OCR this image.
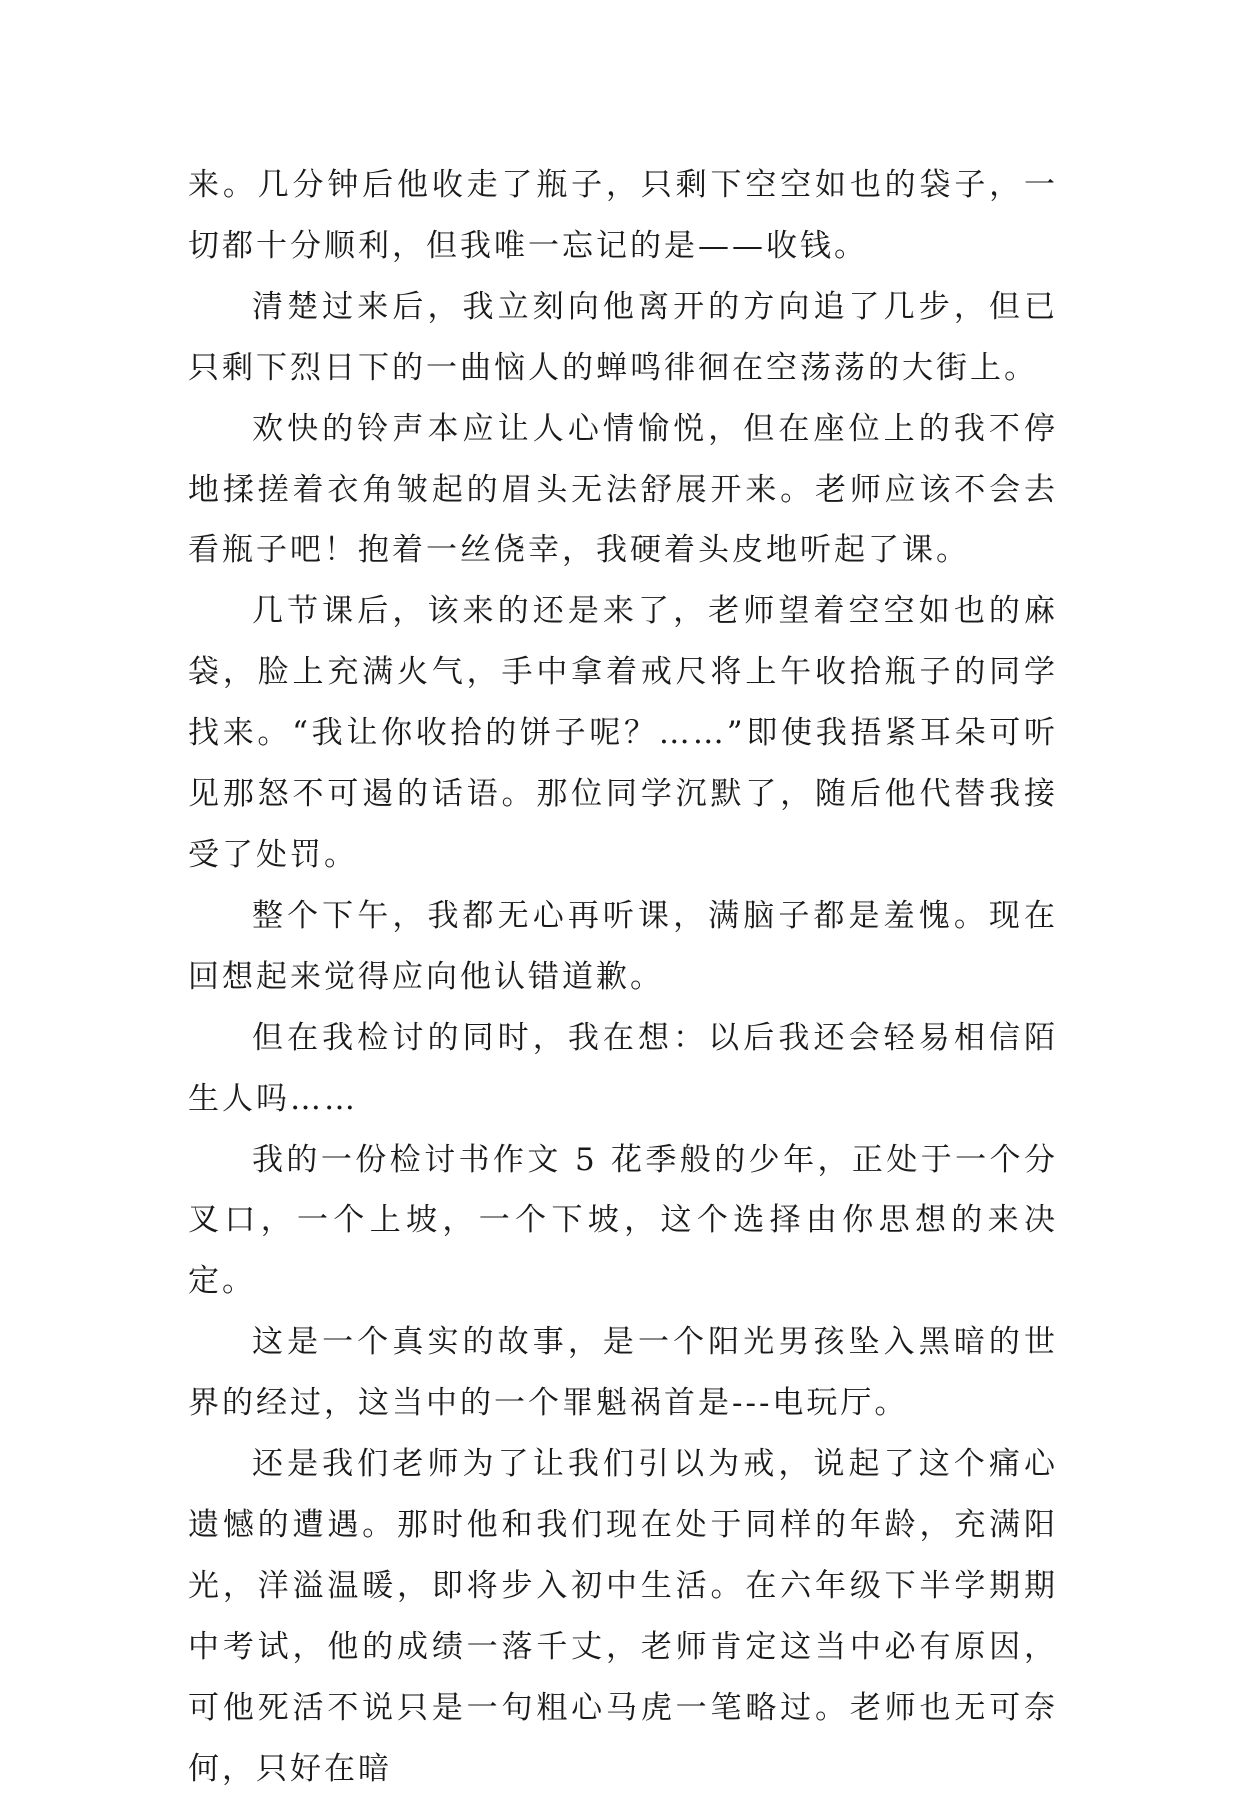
来。几分钟后他收走了瓶子，只剩下空空如也的袋子，一切都十分顺利，但我唯一忘记的是——收钱。

清楚过来后，我立刻向他离开的方向追了几步，但已只剩下烈日下的一曲恼人的蝉鸣徘徊在空荡荡的大街上。

欢快的铃声本应让人心情愉悦，但在座位上的我不停地揉搓着衣角皱起的眉头无法舒展开来。老师应该不会去看瓶子吧！抱着一丝侥幸，我硬着头皮地听起了课。

几节课后，该来的还是来了，老师望着空空如也的麻袋，脸上充满火气，手中拿着戒尺将上午收拾瓶子的同学找来。“我让你收拾的饼子呢？……”即使我捂紧耳朵可听见那怒不可遏的话语。那位同学沉默了，随后他代替我接受了处罚。

整个下午，我都无心再听课，满脑子都是羞愧。现在回想起来觉得应向他认错道歉。

但在我检讨的同时，我在想：以后我还会轻易相信陌生人吗……

我的一份检讨书作文 5 花季般的少年，正处于一个分叉口，一个上坡，一个下坡，这个选择由你思想的来决定。

这是一个真实的故事，是一个阳光男孩坠入黑暗的世界的经过，这当中的一个罪魁祸首是---电玩厅。

还是我们老师为了让我们引以为戒，说起了这个痛心遗憾的遭遇。那时他和我们现在处于同样的年龄，充满阳光，洋溢温暖，即将步入初中生活。在六年级下半学期期中考试，他的成绩一落千丈，老师肯定这当中必有原因，可他死活不说只是一句粗心马虎一笔略过。老师也无可奈何，只好在暗
